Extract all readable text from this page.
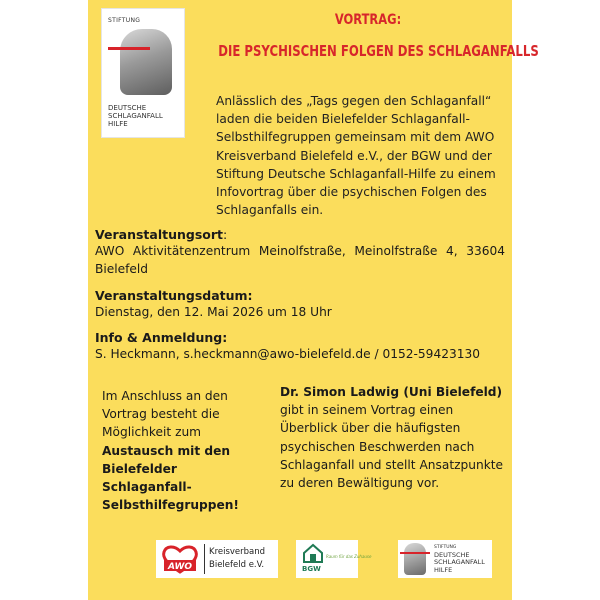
STIFTUNG
DEUTSCHE
SCHLAGANFALL
HILFE
VORTRAG:
DIE PSYCHISCHEN FOLGEN DES SCHLAGANFALLS
Anlässlich des „Tags gegen den Schlaganfall“ laden die beiden Bielefelder Schlaganfall-Selbsthilfegruppen gemeinsam mit dem AWO Kreisverband Bielefeld e.V., der BGW und der Stiftung Deutsche Schlaganfall-Hilfe zu einem Infovortrag über die psychischen Folgen des Schlaganfalls ein.
Veranstaltungsort:
AWO Aktivitätenzentrum Meinolfstraße, Meinolfstraße 4, 33604 Bielefeld
Veranstaltungsdatum:
Dienstag, den 12. Mai 2026 um 18 Uhr
Info & Anmeldung:
S. Heckmann, s.heckmann@awo-bielefeld.de / 0152-59423130
Im Anschluss an den Vortrag besteht die Möglichkeit zum Austausch mit den Bielefelder Schlaganfall-Selbsthilfegruppen!
Dr. Simon Ladwig (Uni Bielefeld)
gibt in seinem Vortrag einen Überblick über die häufigsten psychischen Beschwerden nach Schlaganfall und stellt Ansatzpunkte zu deren Bewältigung vor.
AWO
Kreisverband
Bielefeld e.V.
Raum für das Zuhause
BGW
STIFTUNG
DEUTSCHE
SCHLAGANFALL
HILFE
